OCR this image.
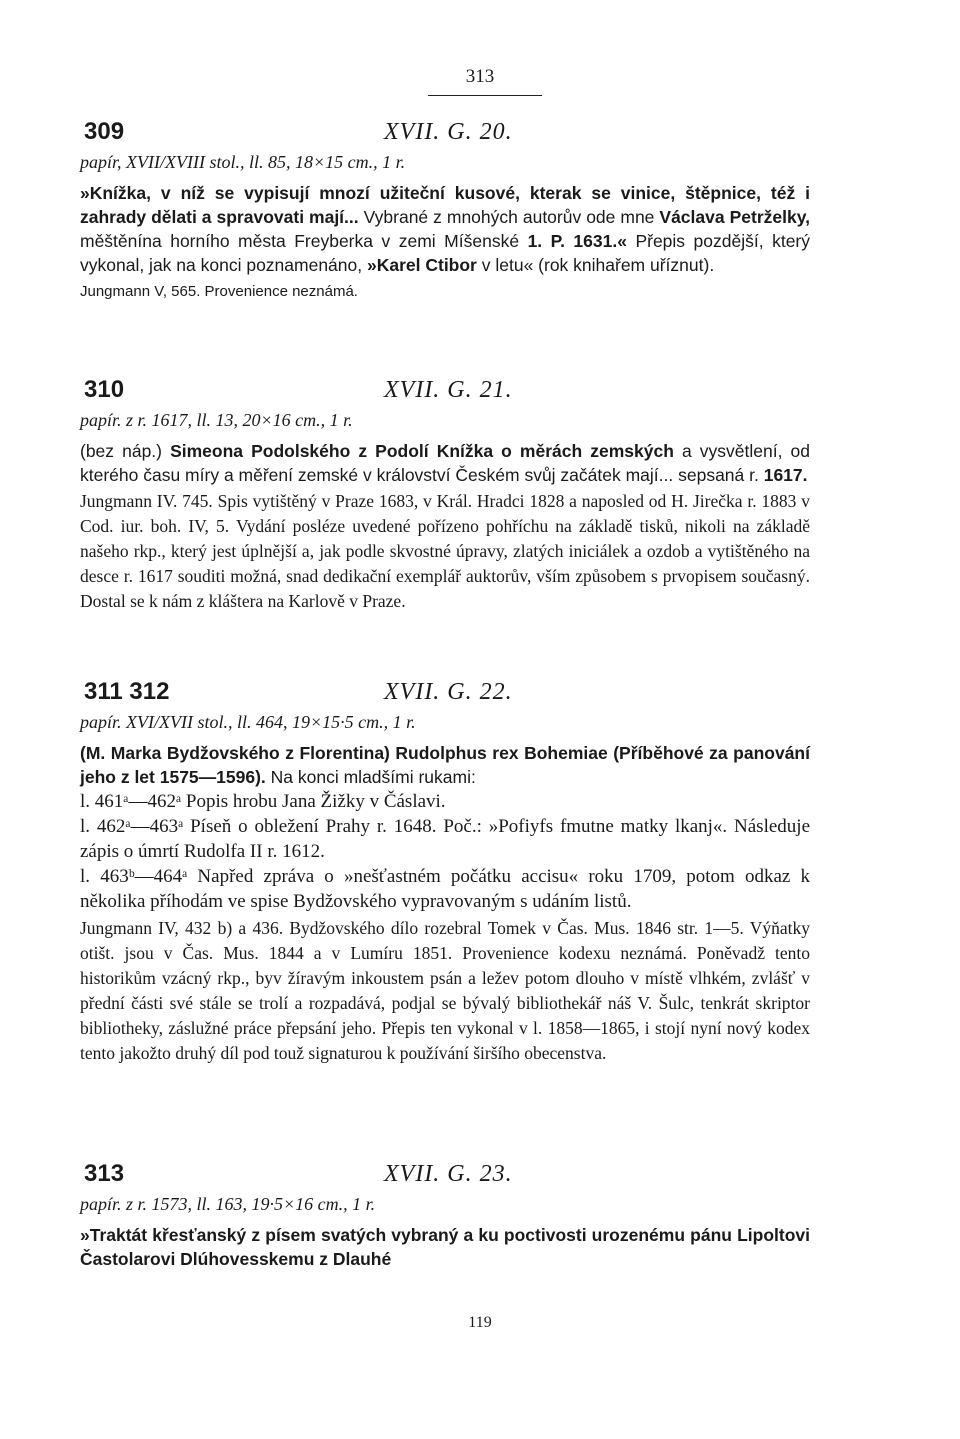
313
309	XVII. G. 20.

papír, XVII/XVIII stol., ll. 85, 18×15 cm., 1 r.

»Knížka, v níž se vypisují mnozí užiteční kusové, kterak se vinice, štěpnice, též i zahrady dělati a spravovati mají... Vybrané z mnohých autorův ode mne Václava Petrželky, měštěnína horního města Freyberka v zemi Míšenské 1. P. 1631.« Přepis pozdější, který vykonal, jak na konci poznamenáno, »Karel Ctibor v letu« (rok knihařem uříznut).

Jungmann V, 565. Provenience neznámá.

310	XVII. G. 21.

papír. z r. 1617, ll. 13, 20×16 cm., 1 r.

(bez náp.) Simeona Podolského z Podolí Knížka o měrách zemských a vysvětlení, od kterého času míry a měření zemské v království Českém svůj začátek mají... sepsaná r. 1617.

Jungmann IV. 745. Spis vytištěný v Praze 1683, v Král. Hradci 1828 a naposled od H. Jirečka r. 1883 v Cod. iur. boh. IV, 5. Vydání posléze uvedené pořízeno pohříchu na základě tisků, nikoli na základě našeho rkp., který jest úplnější a, jak podle skvostné úpravy, zlatých iniciálek a ozdob a vytištěného na desce r. 1617 souditi možná, snad dedikační exemplář auktorův, vším způsobem s prvopisem současný. Dostal se k nám z kláštera na Karlově v Praze.

311 312	XVII. G. 22.

papír. XVI/XVII stol., ll. 464, 19×15·5 cm., 1 r.

(M. Marka Bydžovského z Florentina) Rudolphus rex Bohemiae (Příběhové za panování jeho z let 1575—1596). Na konci mladšími rukami:

l. 461ᵃ—462ᵃ Popis hrobu Jana Žižky v Čáslavi.

l. 462ᵃ—463ᵃ Píseň o obležení Prahy r. 1648. Poč.: »Pofiyfs fmutne matky lkanj«. Následuje zápis o úmrtí Rudolfa II r. 1612.

l. 463ᵇ—464ᵃ Napřed zpráva o »nešťastném počátku accisu« roku 1709, potom odkaz k několika příhodám ve spise Bydžovského vypravovaným s udáním listů.

Jungmann IV, 432 b) a 436. Bydžovského dílo rozebral Tomek v Čas. Mus. 1846 str. 1—5. Výňatky otišt. jsou v Čas. Mus. 1844 a v Lumíru 1851. Provenience kodexu neznámá. Poněvadž tento historikům vzácný rkp., byv žíravým inkoustem psán a ležev potom dlouho v místě vlhkém, zvlášť v přední části své stále se trolí a rozpadává, podjal se bývalý bibliothekář náš V. Šulc, tenkrát skriptor bibliotheky, záslužné práce přepsání jeho. Přepis ten vykonal v l. 1858—1865, i stojí nyní nový kodex tento jakožto druhý díl pod touž signaturou k používání širšího obecenstva.

313	XVII. G. 23.

papír. z r. 1573, ll. 163, 19·5×16 cm., 1 r.

»Traktát křesťanský z písem svatých vybraný a ku poctivosti urozenému pánu Lipoltovi Častolarovi Dlúhovesskemu z Dlauhé

119
